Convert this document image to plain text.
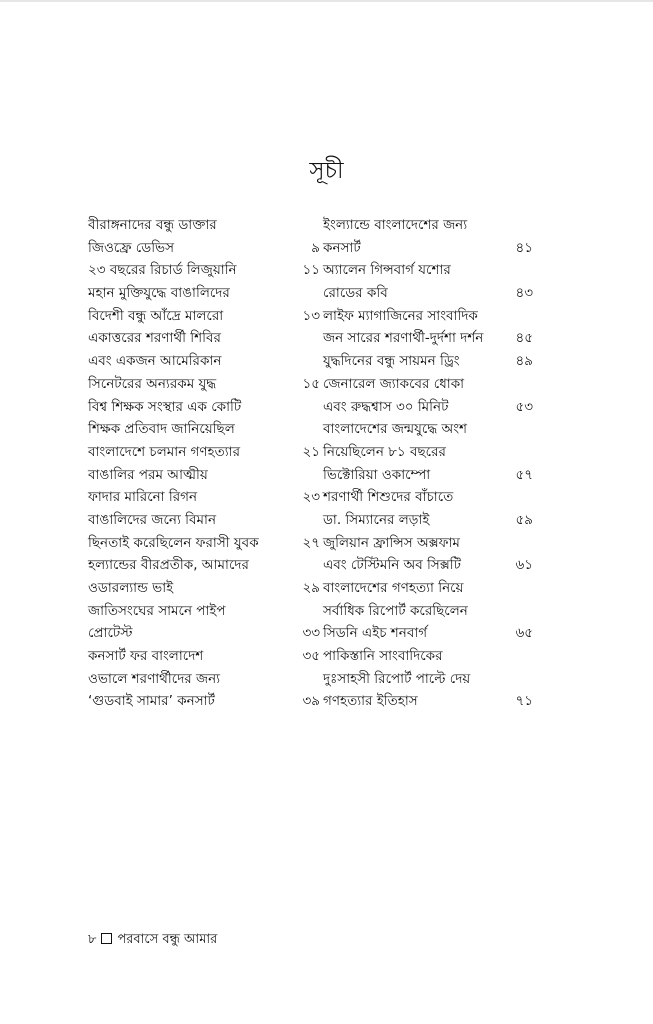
সূচী
বীরাঙ্গনাদের বন্ধু ডাক্তার
জিওফ্রে ডেভিস	৯
২৩ বছরের রিচার্ড লিজুয়ানি	১১
মহান মুক্তিযুদ্ধে বাঙালিদের
বিদেশী বন্ধু আঁদ্রে মালরো	১৩
একাত্তরের শরণার্থী শিবির
এবং একজন আমেরিকান
সিনেটরের অন্যরকম যুদ্ধ	১৫
বিশ্ব শিক্ষক সংস্থার এক কোটি
শিক্ষক প্রতিবাদ জানিয়েছিল
বাংলাদেশে চলমান গণহত্যার	২১
বাঙালির পরম আত্মীয়
ফাদার মারিনো রিগন	২৩
বাঙালিদের জন্যে বিমান
ছিনতাই করেছিলেন ফরাসী যুবক	২৭
হল্যান্ডের বীরপ্রতীক, আমাদের
ওডারল্যান্ড ভাই	২৯
জাতিসংঘের সামনে পাইপ
প্রোটেস্ট	৩৩
কনসার্ট ফর বাংলাদেশ	৩৫
ওভালে শরণার্থীদের জন্য
‘গুডবাই সামার’ কনসার্ট	৩৯
ইংল্যান্ডে বাংলাদেশের জন্য
কনসার্ট	৪১
অ্যালেন গিন্সবার্গ যশোর
রোডের কবি	৪৩
লাইফ ম্যাগাজিনের সাংবাদিক
জন সারের শরণার্থী-দুর্দশা দর্শন ৪৫
যুদ্ধদিনের বন্ধু সায়মন ড্রিং	৪৯
জেনারেল জ্যাকবের ধোকা
এবং রুদ্ধশ্বাস ৩০ মিনিট	৫৩
বাংলাদেশের জন্মযুদ্ধে অংশ
নিয়েছিলেন ৮১ বছরের
ভিক্টোরিয়া ওকাম্পো	৫৭
শরণার্থী শিশুদের বাঁচাতে
ডা. সিম্যানের লড়াই	৫৯
জুলিয়ান ফ্রান্সিস অক্সফাম
এবং টেস্টিমনি অব সিক্সটি	৬১
বাংলাদেশের গণহত্যা নিয়ে
সর্বাধিক রিপোর্ট করেছিলেন
সিডনি এইচ শনবার্গ	৬৫
পাকিস্তানি সাংবাদিকের
দুঃসাহসী রিপোর্ট পাল্টে দেয়
গণহত্যার ইতিহাস	৭১
৮ পরবাসে বন্ধু আমার
